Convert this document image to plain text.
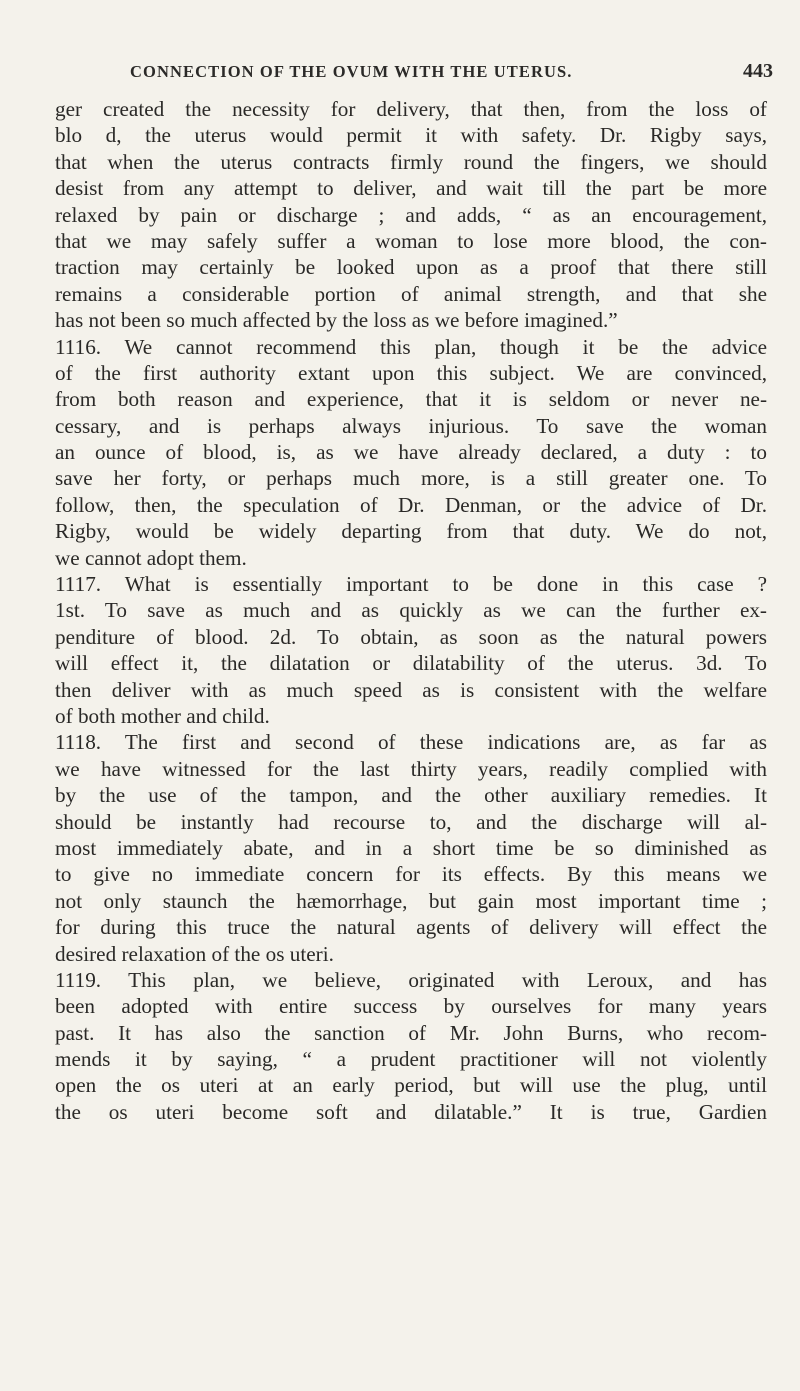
CONNECTION OF THE OVUM WITH THE UTERUS.	443
ger created the necessity for delivery, that then, from the loss of
blo d, the uterus would permit it with safety. Dr. Rigby says,
that when the uterus contracts firmly round the fingers, we should
desist from any attempt to deliver, and wait till the part be more
relaxed by pain or discharge ; and adds, “ as an encouragement,
that we may safely suffer a woman to lose more blood, the con-
traction may certainly be looked upon as a proof that there still
remains a considerable portion of animal strength, and that she
has not been so much affected by the loss as we before imagined.”
1116. We cannot recommend this plan, though it be the advice
of the first authority extant upon this subject. We are convinced,
from both reason and experience, that it is seldom or never ne-
cessary, and is perhaps always injurious. To save the woman
an ounce of blood, is, as we have already declared, a duty : to
save her forty, or perhaps much more, is a still greater one. To
follow, then, the speculation of Dr. Denman, or the advice of Dr.
Rigby, would be widely departing from that duty. We do not,
we cannot adopt them.
1117. What is essentially important to be done in this case ?
1st. To save as much and as quickly as we can the further ex-
penditure of blood. 2d. To obtain, as soon as the natural powers
will effect it, the dilatation or dilatability of the uterus. 3d. To
then deliver with as much speed as is consistent with the welfare
of both mother and child.
1118. The first and second of these indications are, as far as
we have witnessed for the last thirty years, readily complied with
by the use of the tampon, and the other auxiliary remedies. It
should be instantly had recourse to, and the discharge will al-
most immediately abate, and in a short time be so diminished as
to give no immediate concern for its effects. By this means we
not only staunch the hæmorrhage, but gain most important time ;
for during this truce the natural agents of delivery will effect the
desired relaxation of the os uteri.
1119. This plan, we believe, originated with Leroux, and has
been adopted with entire success by ourselves for many years
past. It has also the sanction of Mr. John Burns, who recom-
mends it by saying, “ a prudent practitioner will not violently
open the os uteri at an early period, but will use the plug, until
the os uteri become soft and dilatable.” It is true, Gardien
